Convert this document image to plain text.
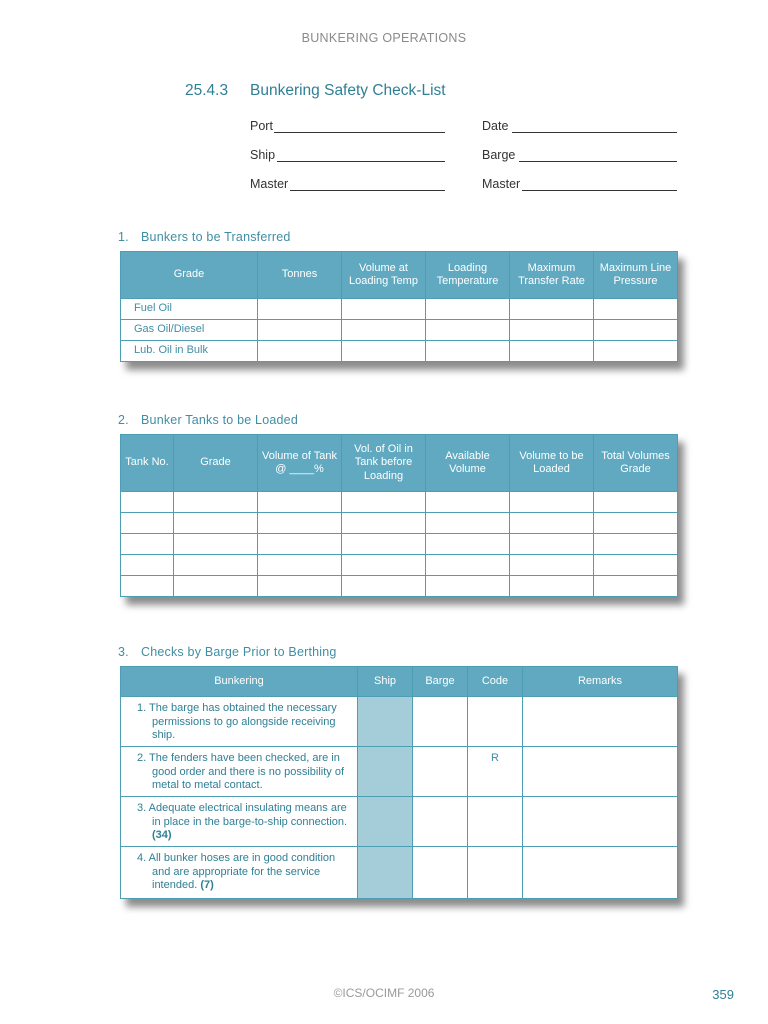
BUNKERING OPERATIONS
25.4.3 Bunkering Safety Check-List
Port	Date
Ship	Barge
Master	Master
1. Bunkers to be Transferred
Grade	Tonnes	Volume at Loading Temp	Loading Temperature	Maximum Transfer Rate	Maximum Line Pressure
Fuel Oil					
Gas Oil/Diesel					
Lub. Oil in Bulk					
2. Bunker Tanks to be Loaded
Tank No.	Grade	Volume of Tank @ ____%	Vol. of Oil in Tank before Loading	Available Volume	Volume to be Loaded	Total Volumes Grade

3. Checks by Barge Prior to Berthing
Bunkering	Ship	Barge	Code	Remarks

1. The barge has obtained the necessary permissions to go alongside receiving ship.				

2. The fenders have been checked, are in good order and there is no possibility of metal to metal contact.			R	

3. Adequate electrical insulating means are in place in the barge-to-ship connection. (34)				

4. All bunker hoses are in good condition and are appropriate for the service intended. (7)				

©ICS/OCIMF 2006	359
